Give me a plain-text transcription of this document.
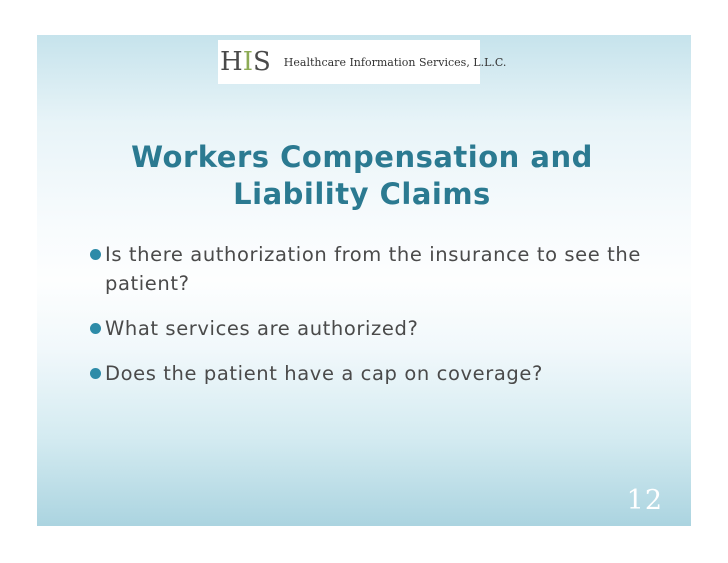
HIS Healthcare Information Services, L.L.C.
Workers Compensation and
Liability Claims
Is there authorization from the insurance to see the patient?
What services are authorized?
Does the patient have a cap on coverage?
12
